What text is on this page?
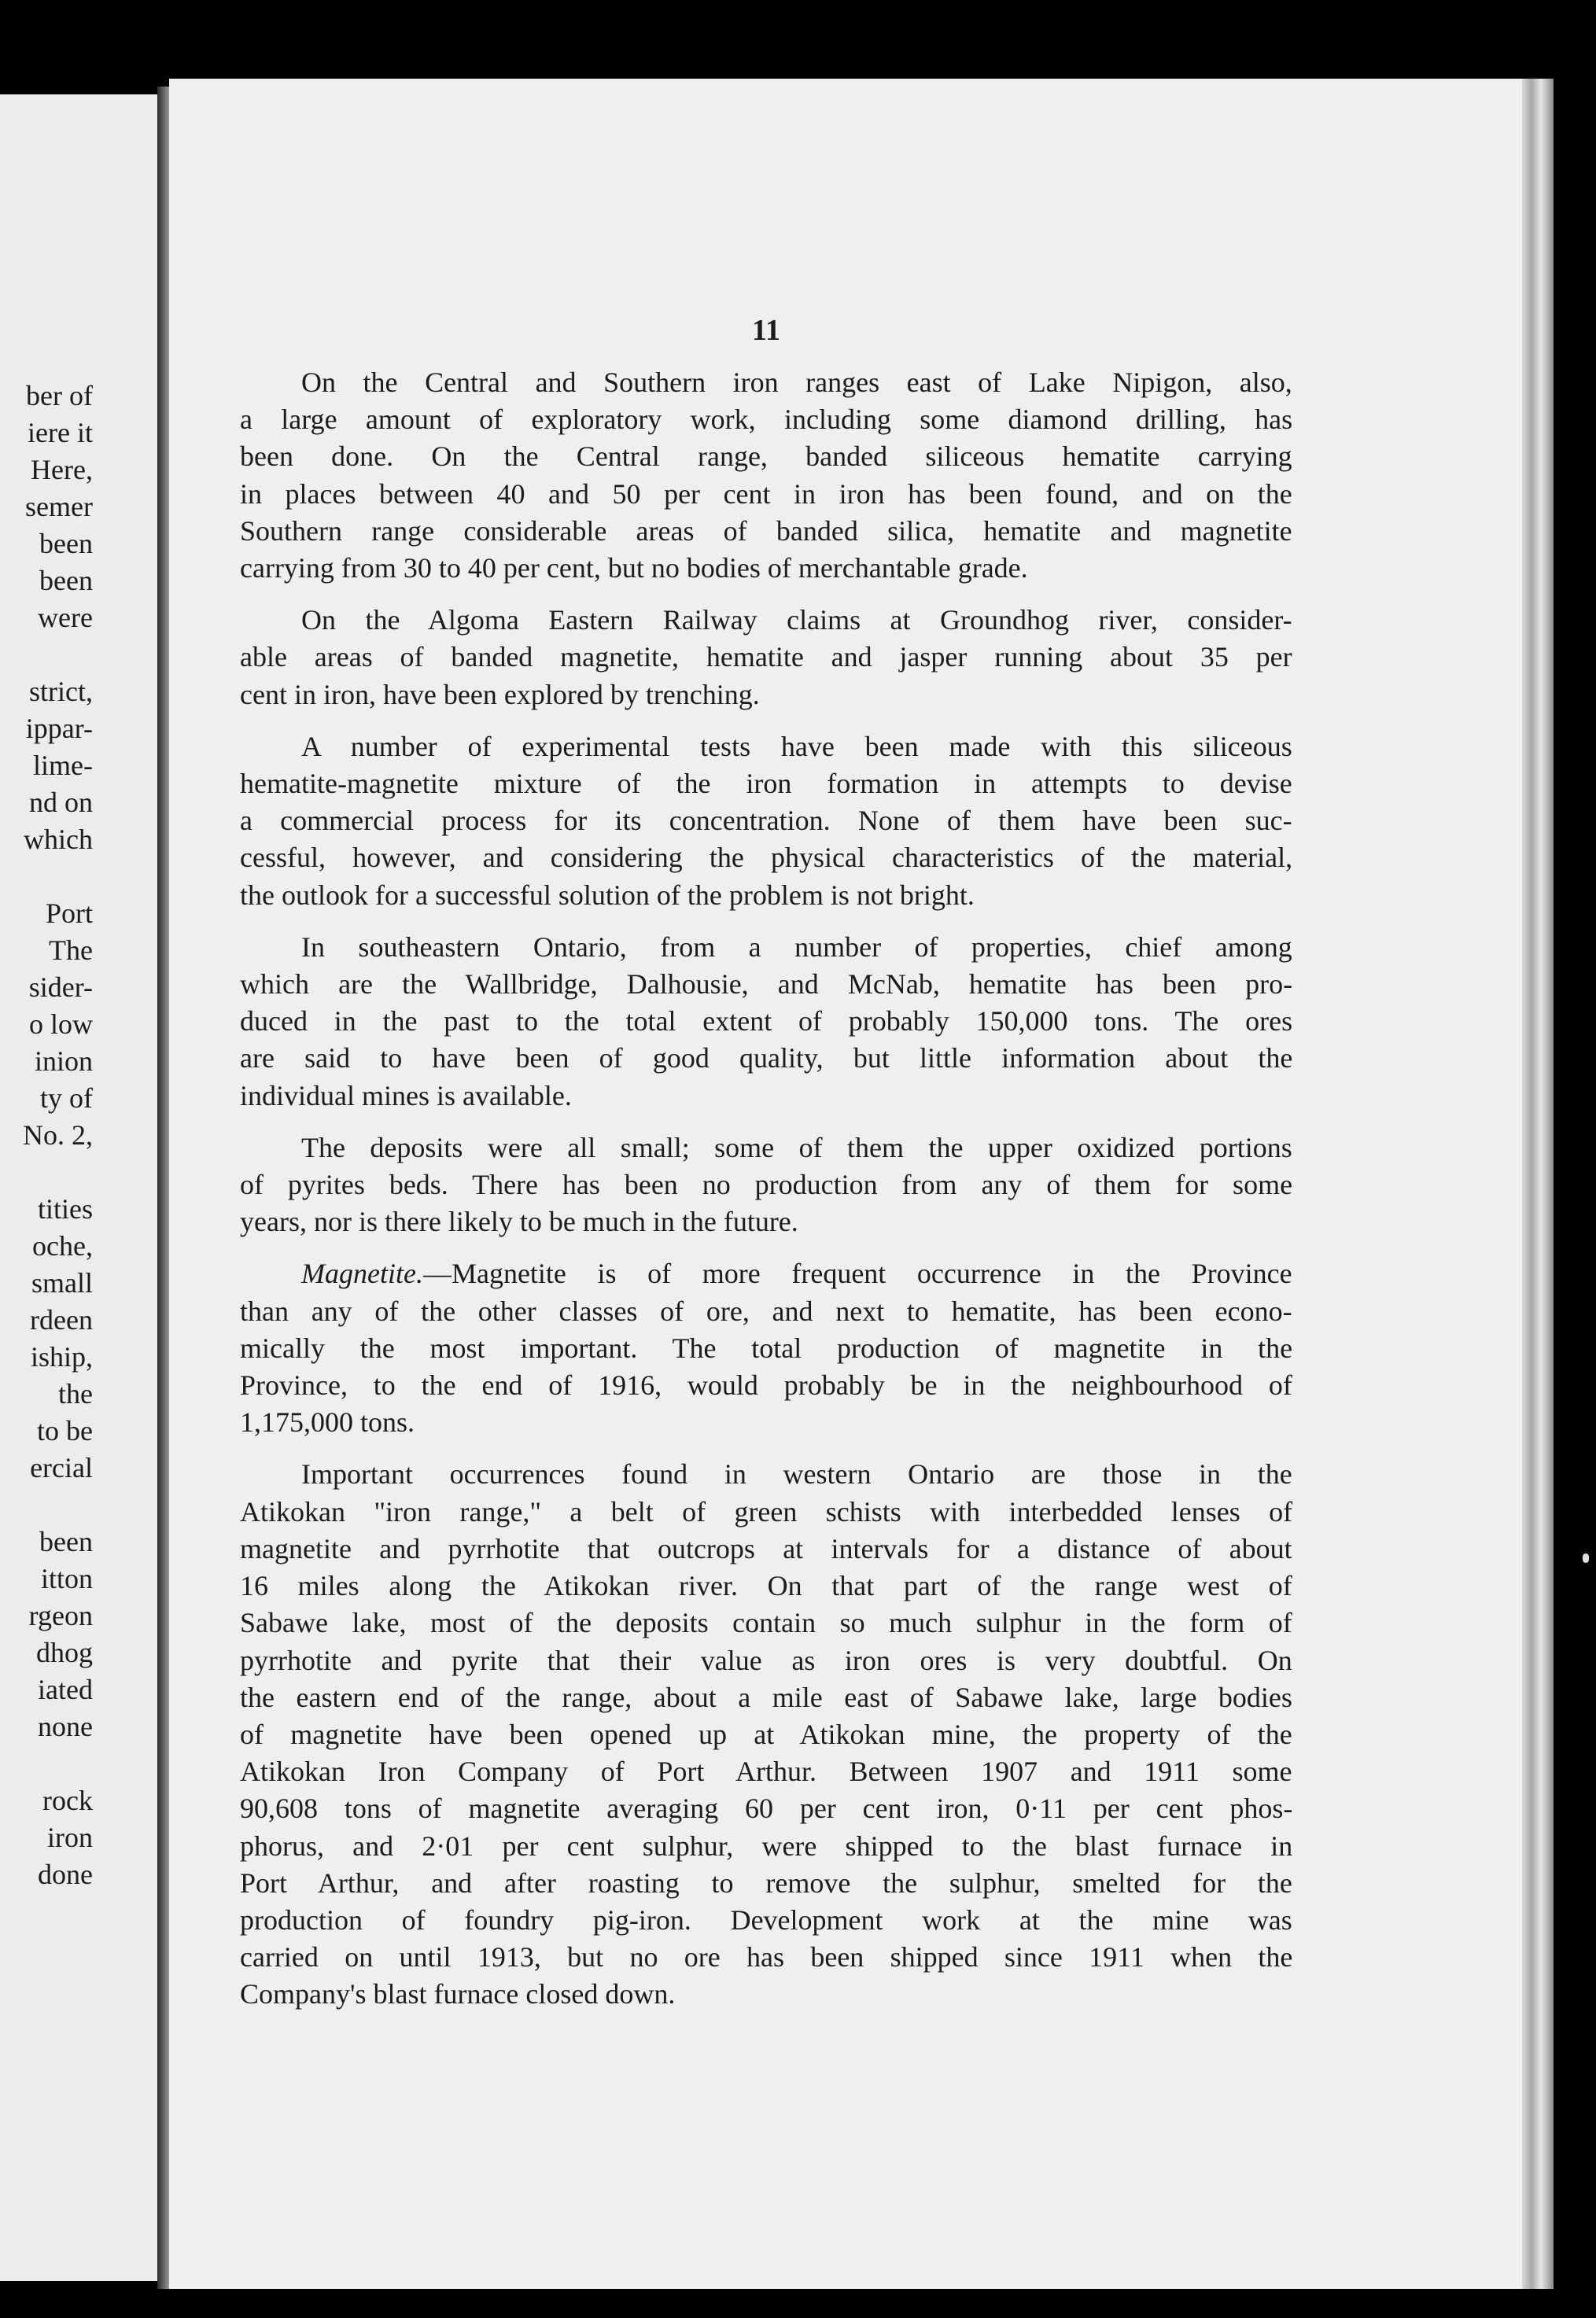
ber of
iere it
Here,
semer
been
been
were
strict,
ippar-
lime-
nd on
which
Port
The
sider-
o low
inion
ty of
No. 2,
tities
oche,
small
rdeen
iship,
the
to be
ercial
been
itton
rgeon
dhog
iated
none
rock
iron
done
11
On the Central and Southern iron ranges east of Lake Nipigon, also,
a large amount of exploratory work, including some diamond drilling, has
been done. On the Central range, banded siliceous hematite carrying
in places between 40 and 50 per cent in iron has been found, and on the
Southern range considerable areas of banded silica, hematite and magnetite
carrying from 30 to 40 per cent, but no bodies of merchantable grade.
On the Algoma Eastern Railway claims at Groundhog river, consider-
able areas of banded magnetite, hematite and jasper running about 35 per
cent in iron, have been explored by trenching.
A number of experimental tests have been made with this siliceous
hematite-magnetite mixture of the iron formation in attempts to devise
a commercial process for its concentration. None of them have been suc-
cessful, however, and considering the physical characteristics of the material,
the outlook for a successful solution of the problem is not bright.
In southeastern Ontario, from a number of properties, chief among
which are the Wallbridge, Dalhousie, and McNab, hematite has been pro-
duced in the past to the total extent of probably 150,000 tons. The ores
are said to have been of good quality, but little information about the
individual mines is available.
The deposits were all small; some of them the upper oxidized portions
of pyrites beds. There has been no production from any of them for some
years, nor is there likely to be much in the future.
Magnetite.—Magnetite is of more frequent occurrence in the Province
than any of the other classes of ore, and next to hematite, has been econo-
mically the most important. The total production of magnetite in the
Province, to the end of 1916, would probably be in the neighbourhood of
1,175,000 tons.
Important occurrences found in western Ontario are those in the
Atikokan "iron range," a belt of green schists with interbedded lenses of
magnetite and pyrrhotite that outcrops at intervals for a distance of about
16 miles along the Atikokan river. On that part of the range west of
Sabawe lake, most of the deposits contain so much sulphur in the form of
pyrrhotite and pyrite that their value as iron ores is very doubtful. On
the eastern end of the range, about a mile east of Sabawe lake, large bodies
of magnetite have been opened up at Atikokan mine, the property of the
Atikokan Iron Company of Port Arthur. Between 1907 and 1911 some
90,608 tons of magnetite averaging 60 per cent iron, 0·11 per cent phos-
phorus, and 2·01 per cent sulphur, were shipped to the blast furnace in
Port Arthur, and after roasting to remove the sulphur, smelted for the
production of foundry pig-iron. Development work at the mine was
carried on until 1913, but no ore has been shipped since 1911 when the
Company's blast furnace closed down.
